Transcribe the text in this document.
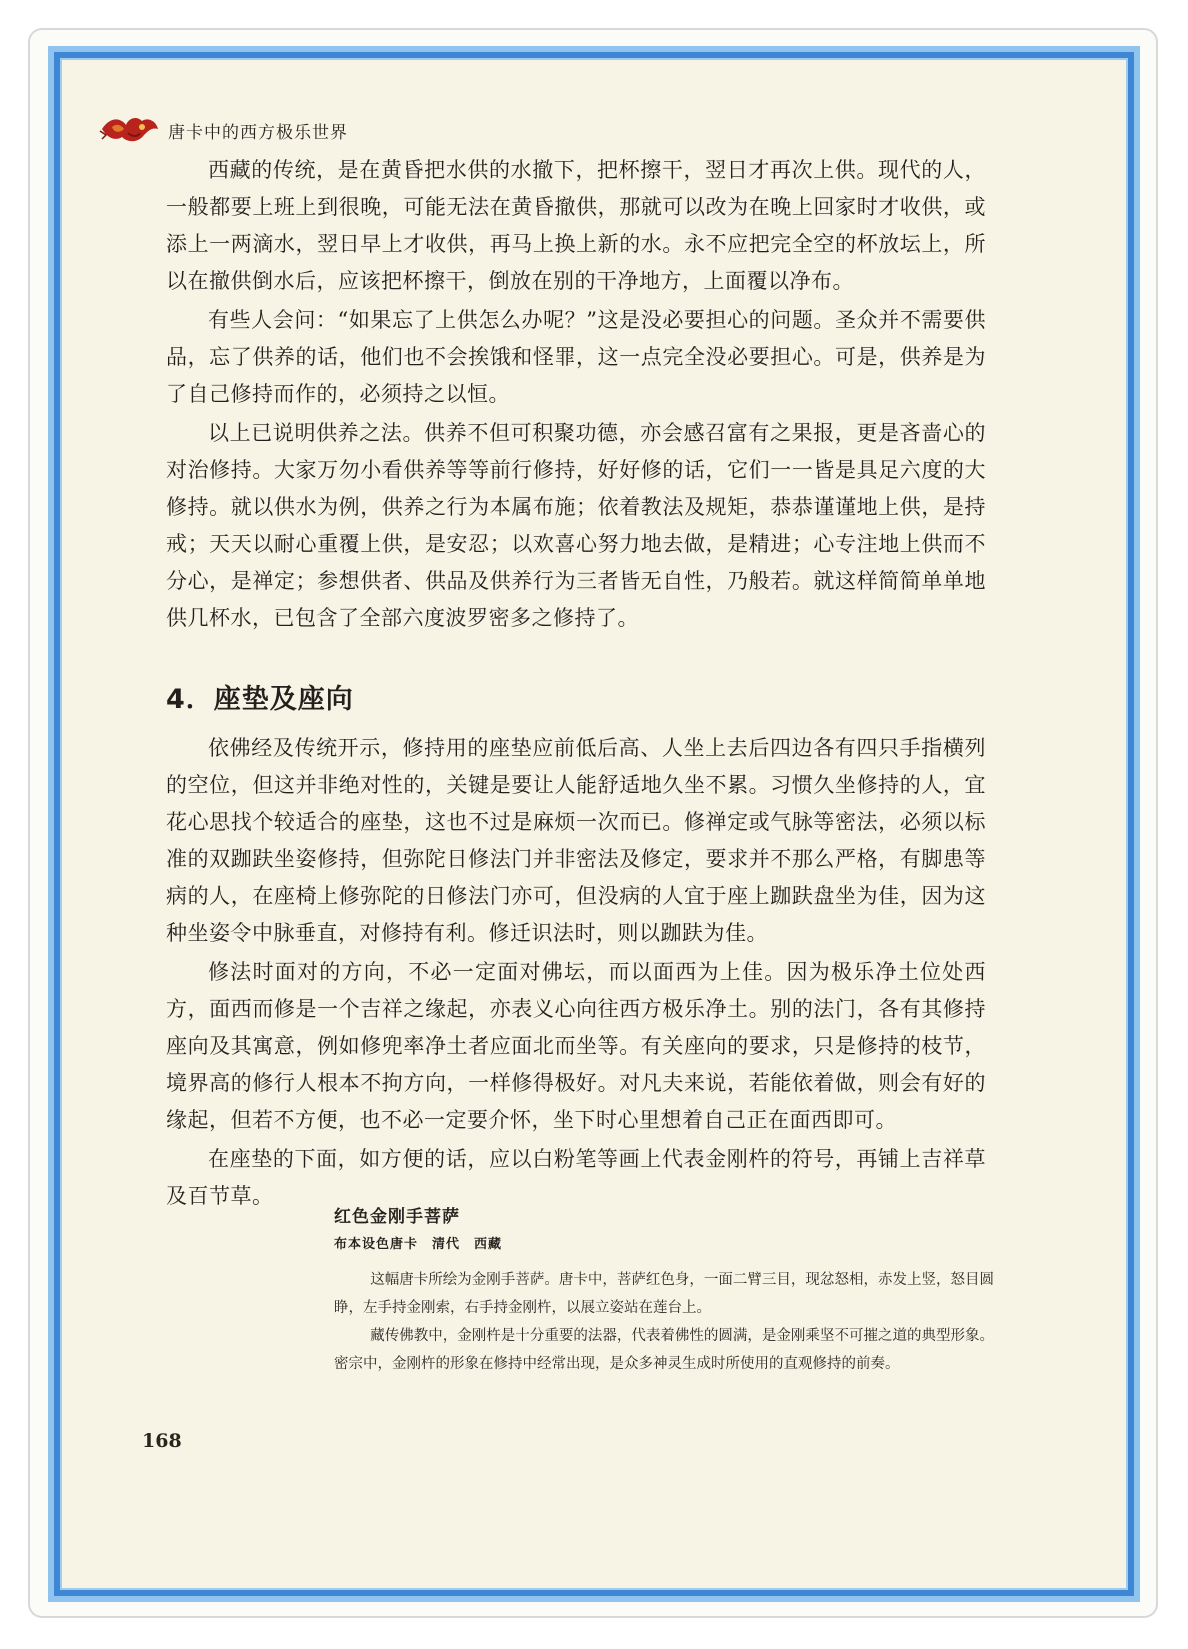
唐卡中的西方极乐世界

西藏的传统，是在黄昏把水供的水撤下，把杯擦干，翌日才再次上供。现代的人，一般都要上班上到很晚，可能无法在黄昏撤供，那就可以改为在晚上回家时才收供，或添上一两滴水，翌日早上才收供，再马上换上新的水。永不应把完全空的杯放坛上，所以在撤供倒水后，应该把杯擦干，倒放在别的干净地方，上面覆以净布。

有些人会问：“如果忘了上供怎么办呢？”这是没必要担心的问题。圣众并不需要供品，忘了供养的话，他们也不会挨饿和怪罪，这一点完全没必要担心。可是，供养是为了自己修持而作的，必须持之以恒。

以上已说明供养之法。供养不但可积聚功德，亦会感召富有之果报，更是吝啬心的对治修持。大家万勿小看供养等等前行修持，好好修的话，它们一一皆是具足六度的大修持。就以供水为例，供养之行为本属布施；依着教法及规矩，恭恭谨谨地上供，是持戒；天天以耐心重覆上供，是安忍；以欢喜心努力地去做，是精进；心专注地上供而不分心，是禅定；参想供者、供品及供养行为三者皆无自性，乃般若。就这样简简单单地供几杯水，已包含了全部六度波罗密多之修持了。

4．座垫及座向

依佛经及传统开示，修持用的座垫应前低后高、人坐上去后四边各有四只手指横列的空位，但这并非绝对性的，关键是要让人能舒适地久坐不累。习惯久坐修持的人，宜花心思找个较适合的座垫，这也不过是麻烦一次而已。修禅定或气脉等密法，必须以标准的双跏趺坐姿修持，但弥陀日修法门并非密法及修定，要求并不那么严格，有脚患等病的人，在座椅上修弥陀的日修法门亦可，但没病的人宜于座上跏趺盘坐为佳，因为这种坐姿令中脉垂直，对修持有利。修迁识法时，则以跏趺为佳。

修法时面对的方向，不必一定面对佛坛，而以面西为上佳。因为极乐净土位处西方，面西而修是一个吉祥之缘起，亦表义心向往西方极乐净土。别的法门，各有其修持座向及其寓意，例如修兜率净土者应面北而坐等。有关座向的要求，只是修持的枝节，境界高的修行人根本不拘方向，一样修得极好。对凡夫来说，若能依着做，则会有好的缘起，但若不方便，也不必一定要介怀，坐下时心里想着自己正在面西即可。

在座垫的下面，如方便的话，应以白粉笔等画上代表金刚杵的符号，再铺上吉祥草及百节草。

红色金刚手菩萨

布本设色唐卡　清代　西藏

这幅唐卡所绘为金刚手菩萨。唐卡中，菩萨红色身，一面二臂三目，现忿怒相，赤发上竖，怒目圆睁，左手持金刚索，右手持金刚杵，以展立姿站在莲台上。

藏传佛教中，金刚杵是十分重要的法器，代表着佛性的圆满，是金刚乘坚不可摧之道的典型形象。密宗中，金刚杵的形象在修持中经常出现，是众多神灵生成时所使用的直观修持的前奏。

168
